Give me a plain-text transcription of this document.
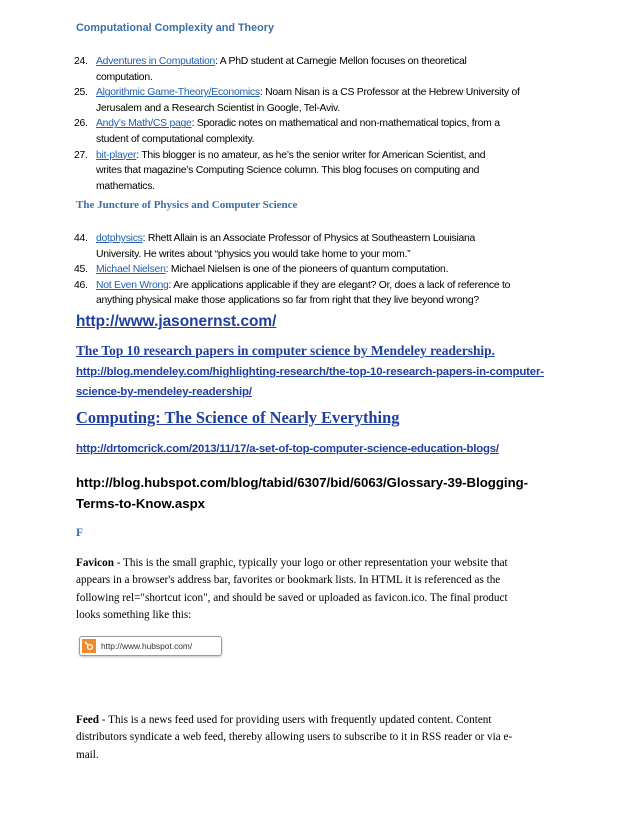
Computational Complexity and Theory
24. Adventures in Computation: A PhD student at Carnegie Mellon focuses on theoretical
computation.
25. Algorithmic Game-Theory/Economics: Noam Nisan is a CS Professor at the Hebrew University of
Jerusalem and a Research Scientist in Google, Tel-Aviv.
26. Andy’s Math/CS page: Sporadic notes on mathematical and non-mathematical topics, from a
student of computational complexity.
27. bit-player: This blogger is no amateur, as he’s the senior writer for American Scientist, and
writes that magazine’s Computing Science column. This blog focuses on computing and
mathematics.
The Juncture of Physics and Computer Science
44. dotphysics: Rhett Allain is an Associate Professor of Physics at Southeastern Louisiana
University. He writes about “physics you would take home to your mom.”
45. Michael Nielsen: Michael Nielsen is one of the pioneers of quantum computation.
46. Not Even Wrong: Are applications applicable if they are elegant? Or, does a lack of reference to
anything physical make those applications so far from right that they live beyond wrong?
http://www.jasonernst.com/
The Top 10 research papers in computer science by Mendeley readership.
http://blog.mendeley.com/highlighting-research/the-top-10-research-papers-in-computer-
science-by-mendeley-readership/
Computing: The Science of Nearly Everything
http://drtomcrick.com/2013/11/17/a-set-of-top-computer-science-education-blogs/
http://blog.hubspot.com/blog/tabid/6307/bid/6063/Glossary-39-Blogging-
Terms-to-Know.aspx
F
Favicon - This is the small graphic, typically your logo or other representation your website that
appears in a browser's address bar, favorites or bookmark lists. In HTML it is referenced as the
following rel="shortcut icon", and should be saved or uploaded as favicon.ico. The final product
looks something like this:
http://www.hubspot.com/
Feed - This is a news feed used for providing users with frequently updated content. Content
distributors syndicate a web feed, thereby allowing users to subscribe to it in RSS reader or via e-
mail.
